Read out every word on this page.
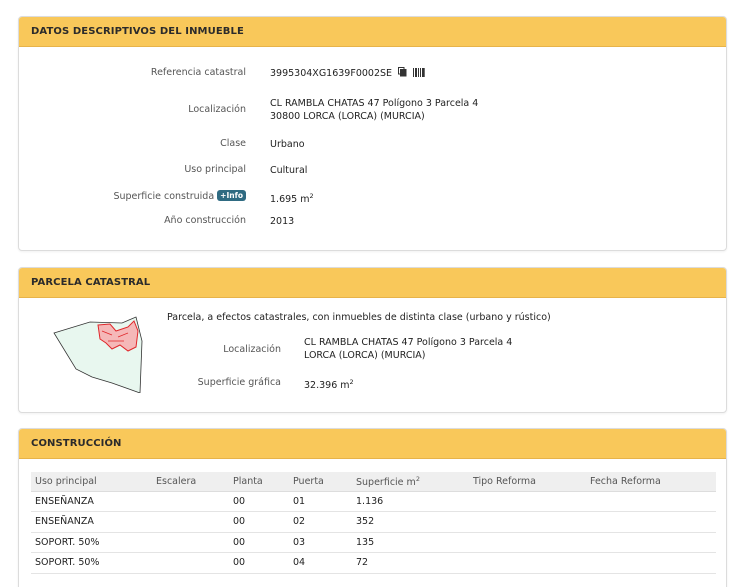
DATOS DESCRIPTIVOS DEL INMUEBLE
Referencia catastral	3995304XG1639F0002SE
Localización
CL RAMBLA CHATAS 47 Polígono 3 Parcela 4
30800 LORCA (LORCA) (MURCIA)
Clase	Urbano
Uso principal	Cultural
Superficie construida +Info	1.695 $m^2$
Año construcción	2013
PARCELA CATASTRAL
Parcela, a efectos catastrales, con inmuebles de distinta clase (urbano y rústico)
Localización
CL RAMBLA CHATAS 47 Polígono 3 Parcela 4
LORCA (LORCA) (MURCIA)
Superficie gráfica 32.396 $m^2$
CONSTRUCCIÓN
Uso principal	Escalera	Planta	Puerta	Superficie $m^2$	Tipo Reforma	Fecha Reforma
ENSEÑANZA		00	01	1.136		
ENSEÑANZA		00	02	352		
SOPORT. 50%		00	03	135		
SOPORT. 50%		00	04	72		
